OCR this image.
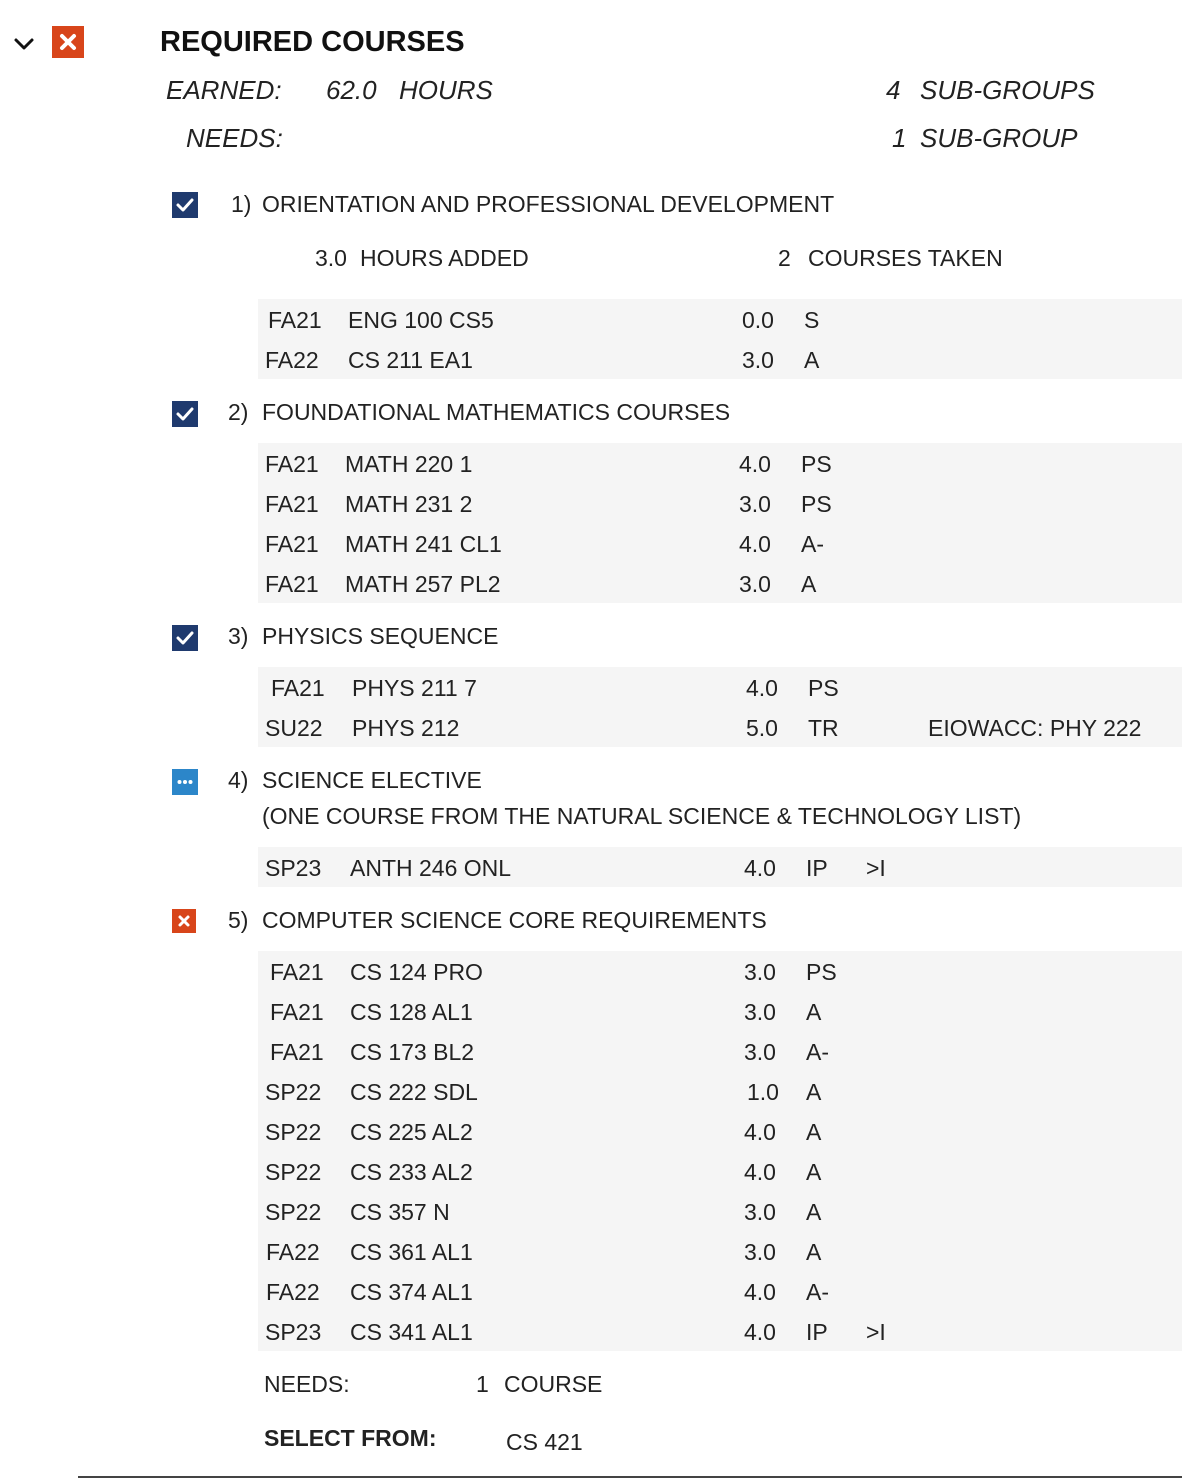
REQUIRED COURSES
EARNED: 62.0 HOURS	4 SUB-GROUPS
NEEDS:	1 SUB-GROUP
1) ORIENTATION AND PROFESSIONAL DEVELOPMENT
3.0 HOURS ADDED	2 COURSES TAKEN
FA21 ENG 100 CS5	0.0 S
FA22 CS 211 EA1	3.0 A
2) FOUNDATIONAL MATHEMATICS COURSES
FA21 MATH 220 1	4.0 PS
FA21 MATH 231 2	3.0 PS
FA21 MATH 241 CL1	4.0 A-
FA21 MATH 257 PL2	3.0 A
3) PHYSICS SEQUENCE
FA21 PHYS 211 7	4.0 PS
SU22 PHYS 212	5.0 TR	EIOWACC: PHY 222
4) SCIENCE ELECTIVE
(ONE COURSE FROM THE NATURAL SCIENCE & TECHNOLOGY LIST)
SP23 ANTH 246 ONL	4.0 IP >I
5) COMPUTER SCIENCE CORE REQUIREMENTS
FA21 CS 124 PRO	3.0 PS
FA21 CS 128 AL1	3.0 A
FA21 CS 173 BL2	3.0 A-
SP22 CS 222 SDL	1.0 A
SP22 CS 225 AL2	4.0 A
SP22 CS 233 AL2	4.0 A
SP22 CS 357 N	3.0 A
FA22 CS 361 AL1	3.0 A
FA22 CS 374 AL1	4.0 A-
SP23 CS 341 AL1	4.0 IP >I
NEEDS:	1 COURSE
SELECT FROM:	CS 421
